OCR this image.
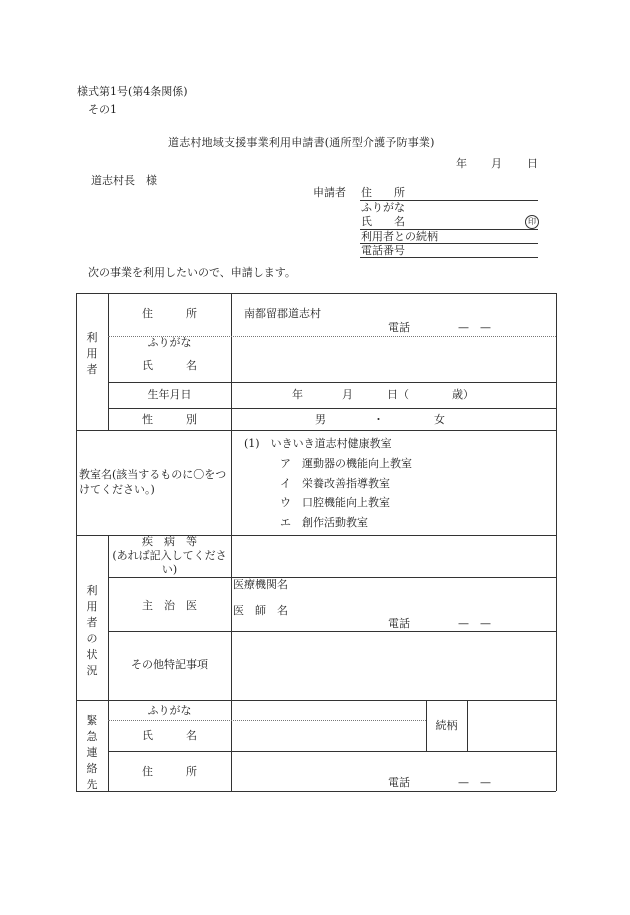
様式第1号(第4条関係)
その1
道志村地域支援事業利用申請書(通所型介護予防事業)
年 月 日
道志村長　様
申請者 住　　所
ふりがな
氏　　名	印
利用者との続柄
電話番号
次の事業を利用したいので、申請します。
利用者
住　　　所	南都留郡道志村
電話	—　—
ふりがな
氏　　　名
生年月日	年	月	日（	歳）
性　　　別	男	・	女
教室名(該当するものに〇をつけてください。)
(1)　いきいき道志村健康教室
ア　運動器の機能向上教室
イ　栄養改善指導教室
ウ　口腔機能向上教室
エ　創作活動教室
利用者の状況
疾　病　等
(あれば記入してください)
主　治　医
医療機関名
医　師　名
電話	—　—
その他特記事項
緊急連絡先
ふりがな
氏　　　名
続柄
住　　　所
電話	—　—
